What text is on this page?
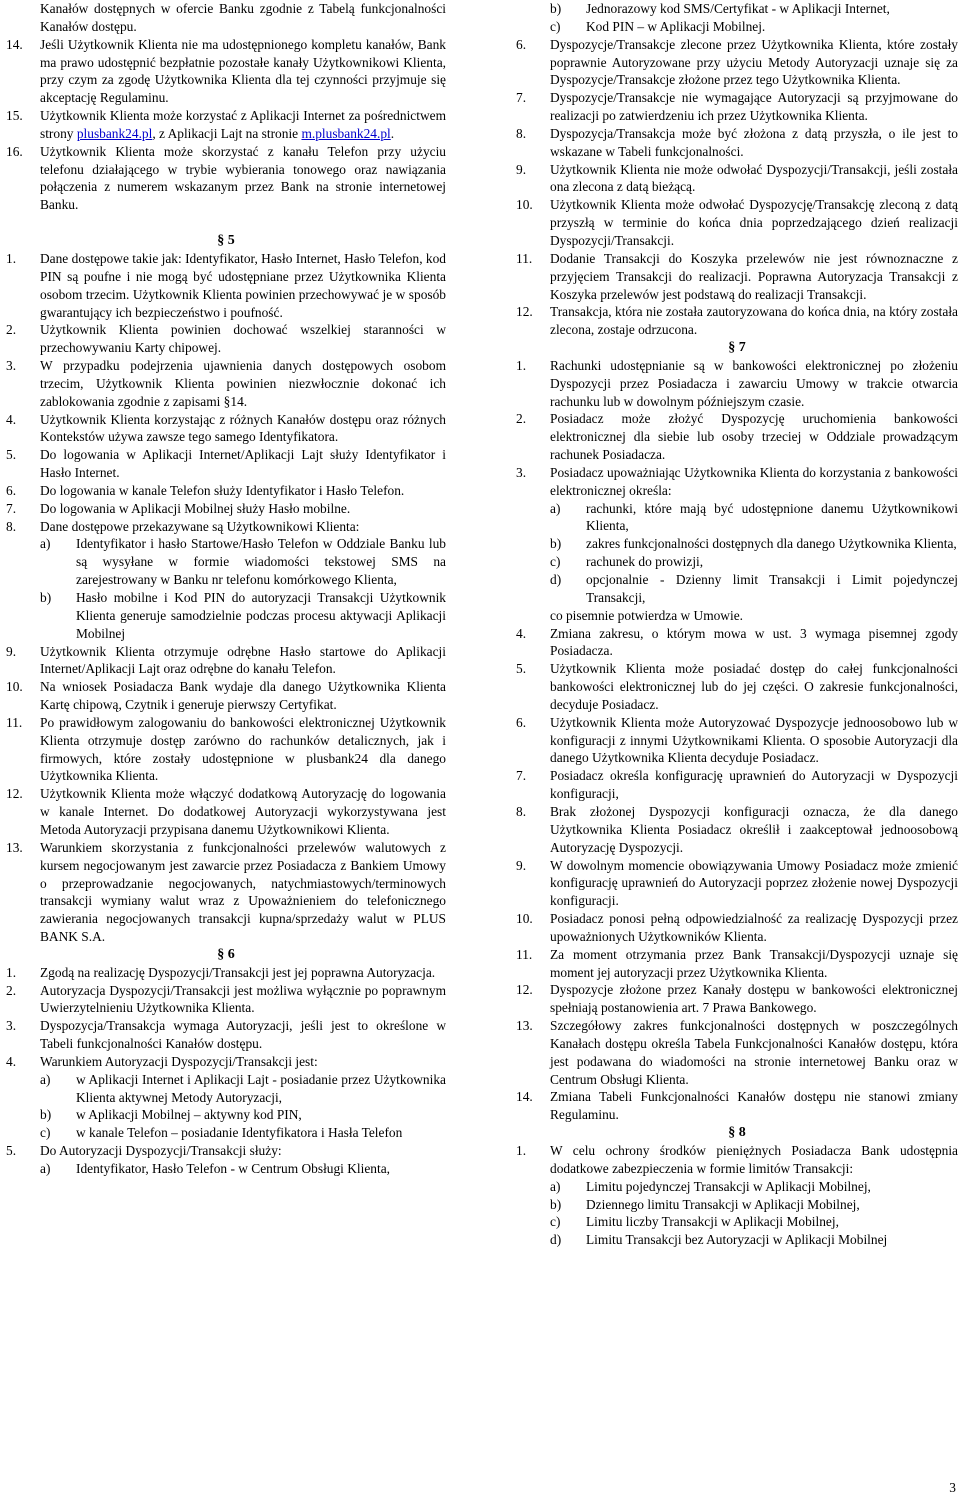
Kanałów dostępnych w ofercie Banku zgodnie z Tabelą funkcjonalności Kanałów dostępu.
14. Jeśli Użytkownik Klienta nie ma udostępnionego kompletu kanałów, Bank ma prawo udostępnić bezpłatnie pozostałe kanały Użytkownikowi Klienta, przy czym za zgodę Użytkownika Klienta dla tej czynności przyjmuje się akceptację Regulaminu.
15. Użytkownik Klienta może korzystać z Aplikacji Internet za pośrednictwem strony plusbank24.pl, z Aplikacji Lajt na stronie m.plusbank24.pl.
16. Użytkownik Klienta może skorzystać z kanału Telefon przy użyciu telefonu działającego w trybie wybierania tonowego oraz nawiązania połączenia z numerem wskazanym przez Bank na stronie internetowej Banku.
§ 5
1. Dane dostępowe takie jak: Identyfikator, Hasło Internet, Hasło Telefon, kod PIN są poufne i nie mogą być udostępniane przez Użytkownika Klienta osobom trzecim. Użytkownik Klienta powinien przechowywać je w sposób gwarantujący ich bezpieczeństwo i poufność.
2. Użytkownik Klienta powinien dochować wszelkiej staranności w przechowywaniu Karty chipowej.
3. W przypadku podejrzenia ujawnienia danych dostępowych osobom trzecim, Użytkownik Klienta powinien niezwłocznie dokonać ich zablokowania zgodnie z zapisami §14.
4. Użytkownik Klienta korzystając z różnych Kanałów dostępu oraz różnych Kontekstów używa zawsze tego samego Identyfikatora.
5. Do logowania w Aplikacji Internet/Aplikacji Lajt służy Identyfikator i Hasło Internet.
6. Do logowania w kanale Telefon służy Identyfikator i Hasło Telefon.
7. Do logowania w Aplikacji Mobilnej służy Hasło mobilne.
8. Dane dostępowe przekazywane są Użytkownikowi Klienta:
a) Identyfikator i hasło Startowe/Hasło Telefon w Oddziale Banku lub są wysyłane w formie wiadomości tekstowej SMS na zarejestrowany w Banku nr telefonu komórkowego Klienta,
b) Hasło mobilne i Kod PIN do autoryzacji Transakcji Użytkownik Klienta generuje samodzielnie podczas procesu aktywacji Aplikacji Mobilnej
9. Użytkownik Klienta otrzymuje odrębne Hasło startowe do Aplikacji Internet/Aplikacji Lajt oraz odrębne do kanału Telefon.
10. Na wniosek Posiadacza Bank wydaje dla danego Użytkownika Klienta Kartę chipową, Czytnik i generuje pierwszy Certyfikat.
11. Po prawidłowym zalogowaniu do bankowości elektronicznej Użytkownik Klienta otrzymuje dostęp zarówno do rachunków detalicznych, jak i firmowych, które zostały udostępnione w plusbank24 dla danego Użytkownika Klienta.
12. Użytkownik Klienta może włączyć dodatkową Autoryzację do logowania w kanale Internet. Do dodatkowej Autoryzacji wykorzystywana jest Metoda Autoryzacji przypisana danemu Użytkownikowi Klienta.
13. Warunkiem skorzystania z funkcjonalności przelewów walutowych z kursem negocjowanym jest zawarcie przez Posiadacza z Bankiem Umowy o przeprowadzanie negocjowanych, natychmiastowych/terminowych transakcji wymiany walut wraz z Upoważnieniem do telefonicznego zawierania negocjowanych transakcji kupna/sprzedaży walut w PLUS BANK S.A.
§ 6
1. Zgodą na realizację Dyspozycji/Transakcji jest jej poprawna Autoryzacja.
2. Autoryzacja Dyspozycji/Transakcji jest możliwa wyłącznie po poprawnym Uwierzytelnieniu Użytkownika Klienta.
3. Dyspozycja/Transakcja wymaga Autoryzacji, jeśli jest to określone w Tabeli funkcjonalności Kanałów dostępu.
4. Warunkiem Autoryzacji Dyspozycji/Transakcji jest:
a) w Aplikacji Internet i Aplikacji Lajt - posiadanie przez Użytkownika Klienta aktywnej Metody Autoryzacji,
b) w Aplikacji Mobilnej – aktywny kod PIN,
c) w kanale Telefon – posiadanie Identyfikatora i Hasła Telefon
5. Do Autoryzacji Dyspozycji/Transakcji służy:
a) Identyfikator, Hasło Telefon - w Centrum Obsługi Klienta,
b) Jednorazowy kod SMS/Certyfikat - w Aplikacji Internet,
c) Kod PIN – w Aplikacji Mobilnej.
6. Dyspozycje/Transakcje zlecone przez Użytkownika Klienta, które zostały poprawnie Autoryzowane przy użyciu Metody Autoryzacji uznaje się za Dyspozycje/Transakcje złożone przez tego Użytkownika Klienta.
7. Dyspozycje/Transakcje nie wymagające Autoryzacji są przyjmowane do realizacji po zatwierdzeniu ich przez Użytkownika Klienta.
8. Dyspozycja/Transakcja może być złożona z datą przyszła, o ile jest to wskazane w Tabeli funkcjonalności.
9. Użytkownik Klienta nie może odwołać Dyspozycji/Transakcji, jeśli została ona zlecona z datą bieżącą.
10. Użytkownik Klienta może odwołać Dyspozycję/Transakcję zleconą z datą przyszłą w terminie do końca dnia poprzedzającego dzień realizacji Dyspozycji/Transakcji.
11. Dodanie Transakcji do Koszyka przelewów nie jest równoznaczne z przyjęciem Transakcji do realizacji. Poprawna Autoryzacja Transakcji z Koszyka przelewów jest podstawą do realizacji Transakcji.
12. Transakcja, która nie została zautoryzowana do końca dnia, na który została zlecona, zostaje odrzucona.
§ 7
1. Rachunki udostępnianie są w bankowości elektronicznej po złożeniu Dyspozycji przez Posiadacza i zawarciu Umowy w trakcie otwarcia rachunku lub w dowolnym późniejszym czasie.
2. Posiadacz może złożyć Dyspozycję uruchomienia bankowości elektronicznej dla siebie lub osoby trzeciej w Oddziale prowadzącym rachunek Posiadacza.
3. Posiadacz upoważniając Użytkownika Klienta do korzystania z bankowości elektronicznej określa:
a) rachunki, które mają być udostępnione danemu Użytkownikowi Klienta,
b) zakres funkcjonalności dostępnych dla danego Użytkownika Klienta,
c) rachunek do prowizji,
d) opcjonalnie - Dzienny limit Transakcji i Limit pojedynczej Transakcji,
co pisemnie potwierdza w Umowie.
4. Zmiana zakresu, o którym mowa w ust. 3 wymaga pisemnej zgody Posiadacza.
5. Użytkownik Klienta może posiadać dostęp do całej funkcjonalności bankowości elektronicznej lub do jej części. O zakresie funkcjonalności, decyduje Posiadacz.
6. Użytkownik Klienta może Autoryzować Dyspozycje jednoosobowo lub w konfiguracji z innymi Użytkownikami Klienta. O sposobie Autoryzacji dla danego Użytkownika Klienta decyduje Posiadacz.
7. Posiadacz określa konfigurację uprawnień do Autoryzacji w Dyspozycji konfiguracji,
8. Brak złożonej Dyspozycji konfiguracji oznacza, że dla danego Użytkownika Klienta Posiadacz określił i zaakceptował jednoosobową Autoryzację Dyspozycji.
9. W dowolnym momencie obowiązywania Umowy Posiadacz może zmienić konfigurację uprawnień do Autoryzacji poprzez złożenie nowej Dyspozycji konfiguracji.
10. Posiadacz ponosi pełną odpowiedzialność za realizację Dyspozycji przez upoważnionych Użytkowników Klienta.
11. Za moment otrzymania przez Bank Transakcji/Dyspozycji uznaje się moment jej autoryzacji przez Użytkownika Klienta.
12. Dyspozycje złożone przez Kanały dostępu w bankowości elektronicznej spełniają postanowienia art. 7 Prawa Bankowego.
13. Szczegółowy zakres funkcjonalności dostępnych w poszczególnych Kanałach dostępu określa Tabela Funkcjonalności Kanałów dostępu, która jest podawana do wiadomości na stronie internetowej Banku oraz w Centrum Obsługi Klienta.
14. Zmiana Tabeli Funkcjonalności Kanałów dostępu nie stanowi zmiany Regulaminu.
§ 8
1. W celu ochrony środków pieniężnych Posiadacza Bank udostępnia dodatkowe zabezpieczenia w formie limitów Transakcji:
a) Limitu pojedynczej Transakcji w Aplikacji Mobilnej,
b) Dziennego limitu Transakcji w Aplikacji Mobilnej,
c) Limitu liczby Transakcji w Aplikacji Mobilnej,
d) Limitu Transakcji bez Autoryzacji w Aplikacji Mobilnej
3
